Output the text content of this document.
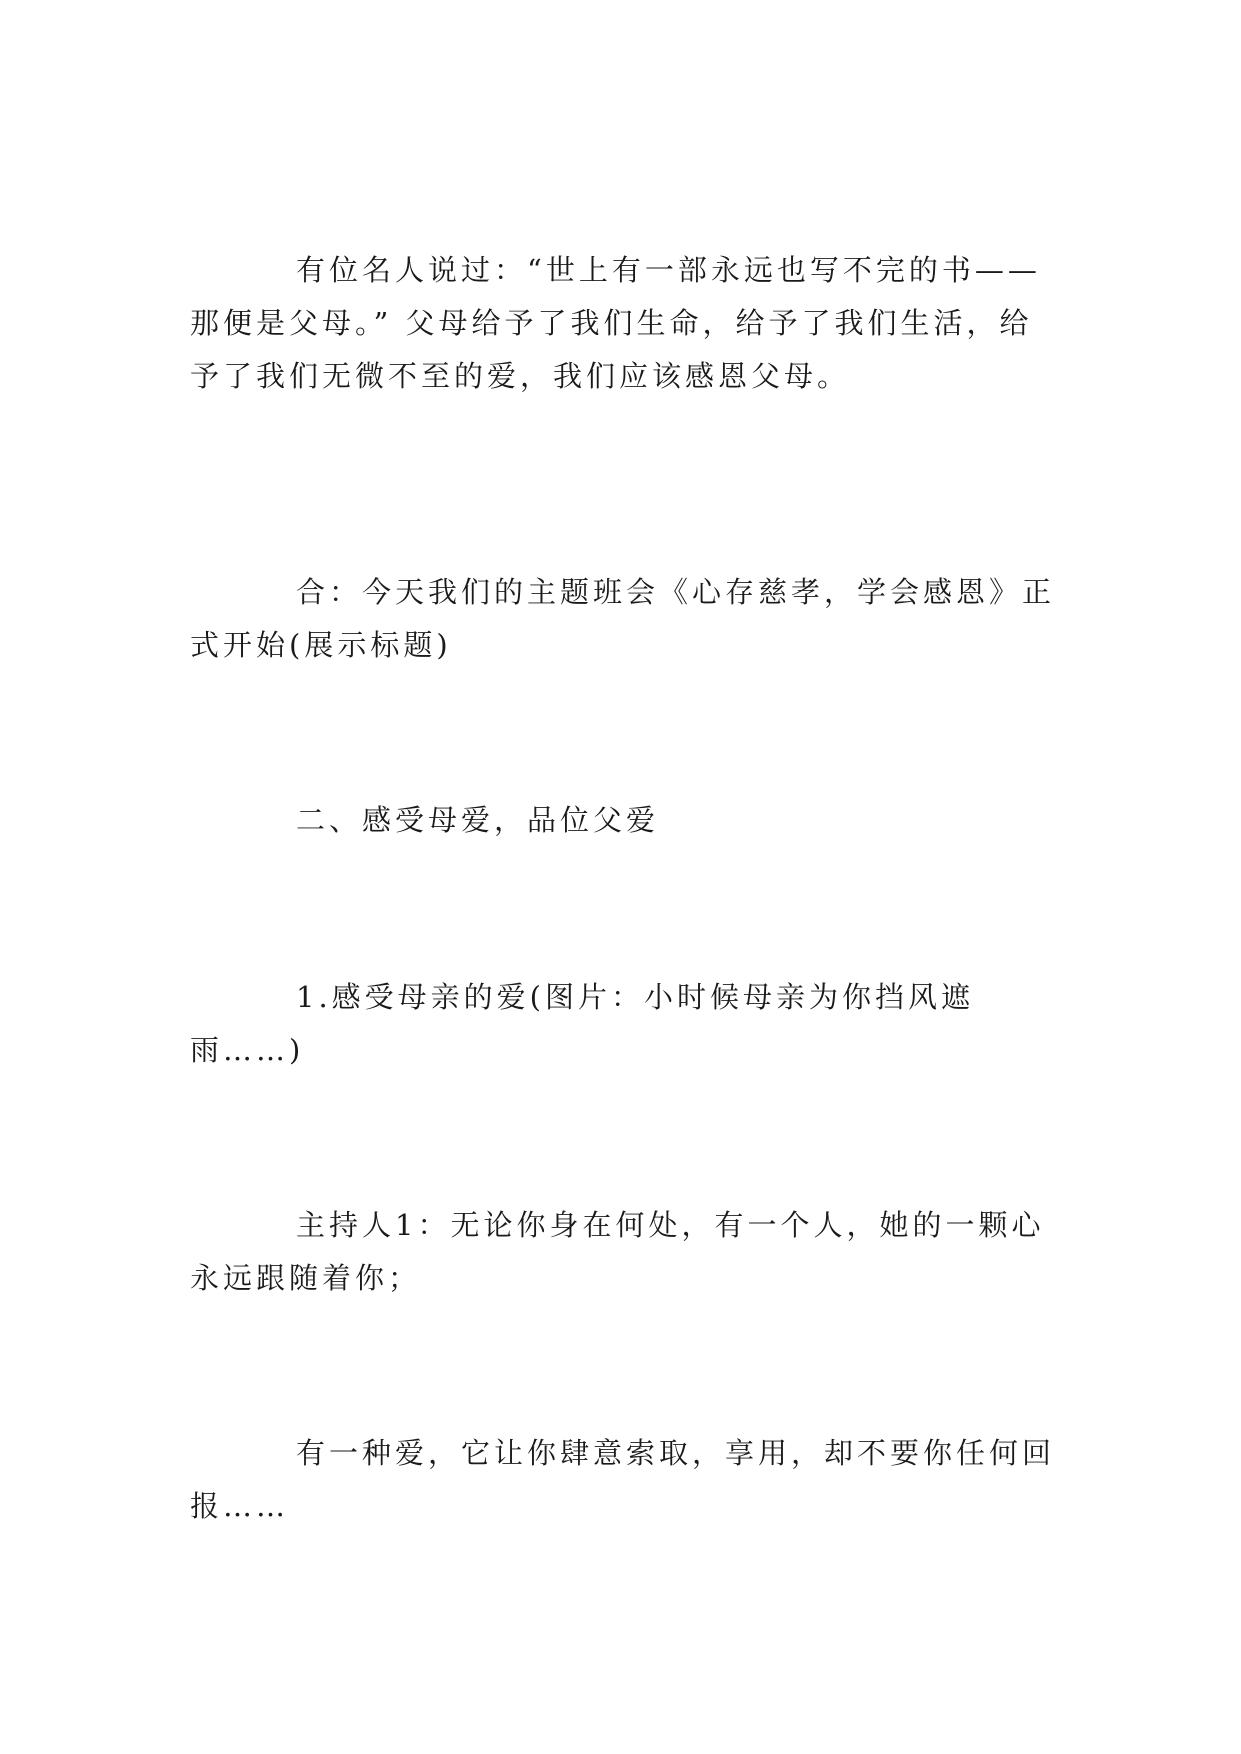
有位名人说过：“世上有一部永远也写不完的书——
那便是父母。” 父母给予了我们生命，给予了我们生活，给
予了我们无微不至的爱，我们应该感恩父母。

合：今天我们的主题班会《心存慈孝，学会感恩》正
式开始(展示标题)

二、感受母爱，品位父爱

1.感受母亲的爱(图片：小时候母亲为你挡风遮
雨……)

主持人1：无论你身在何处，有一个人，她的一颗心
永远跟随着你；

有一种爱，它让你肆意索取，享用，却不要你任何回
报……
